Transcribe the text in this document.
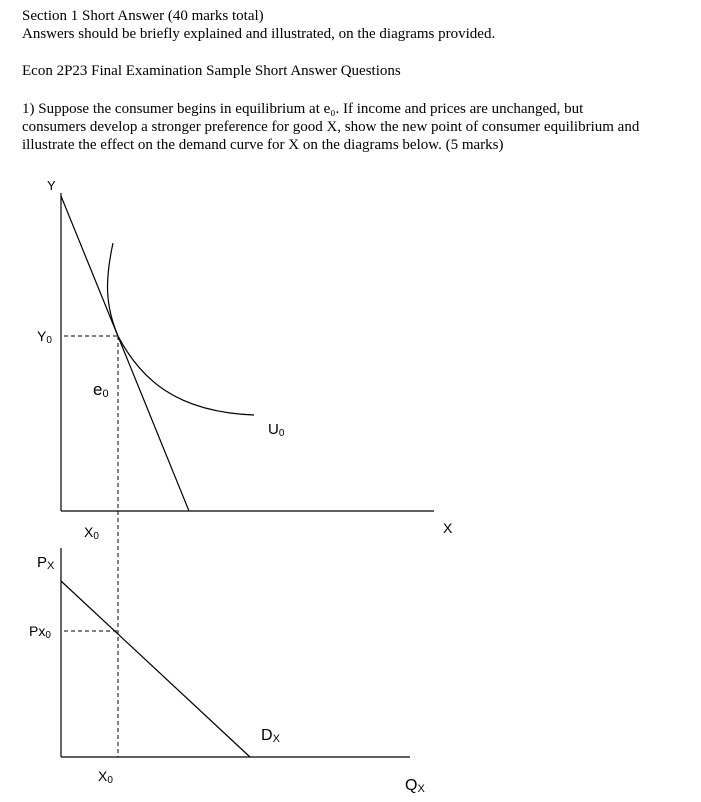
Section 1 Short Answer (40 marks total)
Answers should be briefly explained and illustrated, on the diagrams provided.
Econ 2P23 Final Examination Sample Short Answer Questions
1) Suppose the consumer begins in equilibrium at e₀. If income and prices are unchanged, but
consumers develop a stronger preference for good X, show the new point of consumer equilibrium and
illustrate the effect on the demand curve for X on the diagrams below. (5 marks)
Y
X
Y0
X0
e0
U0
PX
Px0
DX
X0	QX
